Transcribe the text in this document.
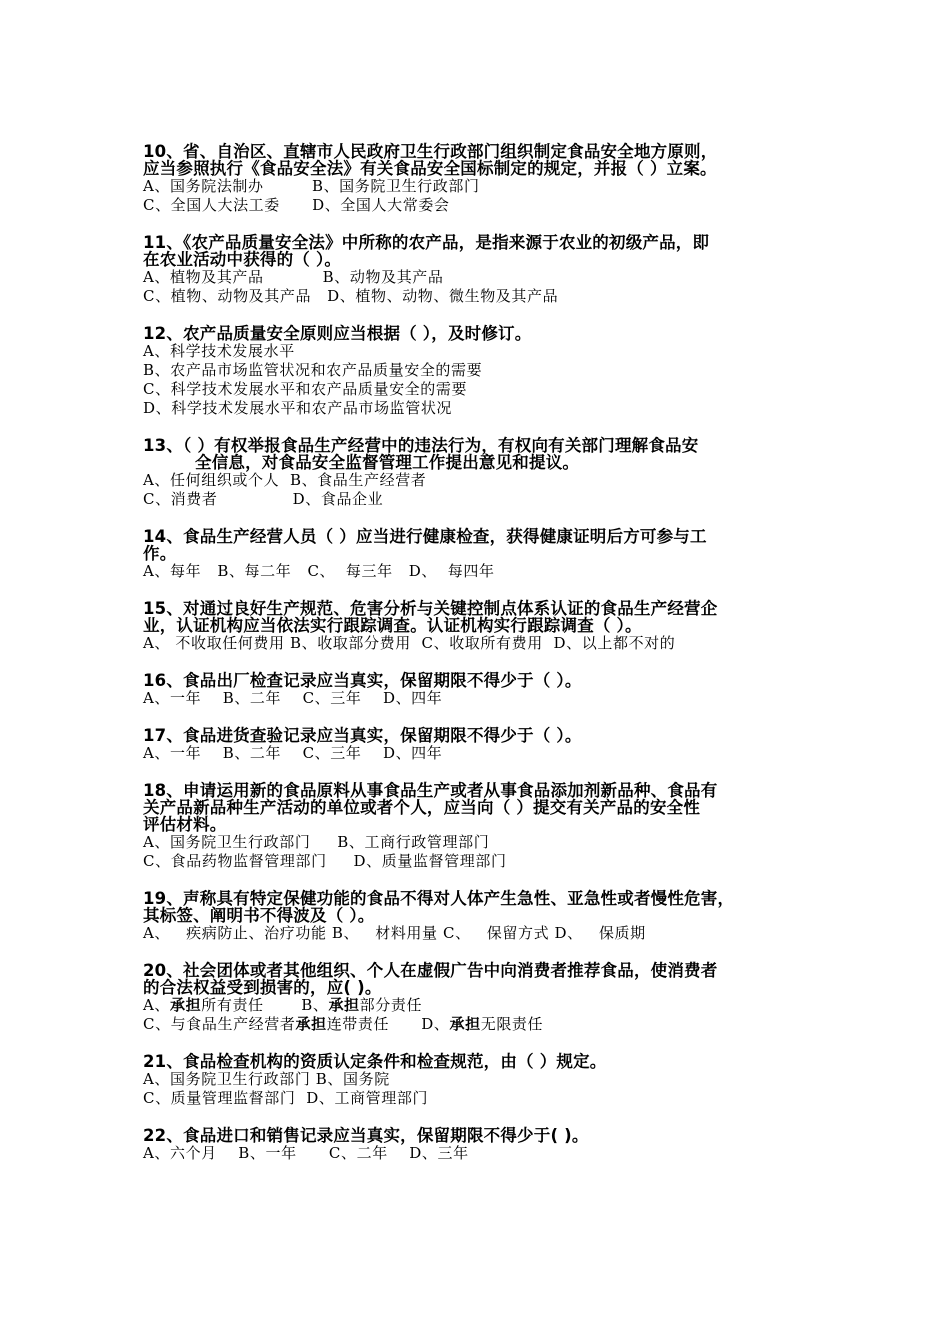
10、省、自治区、直辖市人民政府卫生行政部门组织制定食品安全地方原则，
应当参照执行《食品安全法》有关食品安全国标制定的规定，并报（ ）立案。
A、国务院法制办         B、国务院卫生行政部门
C、全国人大法工委      D、全国人大常委会
11、《农产品质量安全法》中所称的农产品，是指来源于农业的初级产品，即
在农业活动中获得的（ ）。
A、植物及其产品           B、动物及其产品
C、植物、动物及其产品   D、植物、动物、微生物及其产品
12、农产品质量安全原则应当根据（ ），及时修订。
A、科学技术发展水平
B、农产品市场监管状况和农产品质量安全的需要
C、科学技术发展水平和农产品质量安全的需要
D、科学技术发展水平和农产品市场监管状况
13、（ ）有权举报食品生产经营中的违法行为，有权向有关部门理解食品安
全信息，对食品安全监督管理工作提出意见和提议。
A、任何组织或个人  B、食品生产经营者
C、消费者              D、食品企业
14、食品生产经营人员（ ）应当进行健康检查，获得健康证明后方可参与工
作。
A、每年   B、每二年   C、  每三年   D、  每四年
15、对通过良好生产规范、危害分析与关键控制点体系认证的食品生产经营企
业，认证机构应当依法实行跟踪调查。认证机构实行跟踪调查（ ）。
A、 不收取任何费用 B、收取部分费用  C、收取所有费用  D、以上都不对的
16、食品出厂检查记录应当真实，保留期限不得少于（ ）。
A、一年    B、二年    C、三年    D、四年
17、食品进货查验记录应当真实，保留期限不得少于（ ）。
A、一年    B、二年    C、三年    D、四年
18、申请运用新的食品原料从事食品生产或者从事食品添加剂新品种、食品有
关产品新品种生产活动的单位或者个人，应当向（ ）提交有关产品的安全性
评估材料。
A、国务院卫生行政部门     B、工商行政管理部门
C、食品药物监督管理部门     D、质量监督管理部门
19、声称具有特定保健功能的食品不得对人体产生急性、亚急性或者慢性危害，
其标签、阐明书不得波及（ ）。
A、   疾病防止、治疗功能 B、   材料用量 C、   保留方式 D、   保质期
20、社会团体或者其他组织、个人在虚假广告中向消费者推荐食品，使消费者
的合法权益受到损害的，应( )。
A、承担所有责任       B、承担部分责任
C、与食品生产经营者承担连带责任      D、承担无限责任
21、食品检查机构的资质认定条件和检查规范，由（ ）规定。
A、国务院卫生行政部门 B、国务院
C、质量管理监督部门  D、工商管理部门
22、食品进口和销售记录应当真实，保留期限不得少于( )。
A、六个月    B、一年      C、二年    D、三年
